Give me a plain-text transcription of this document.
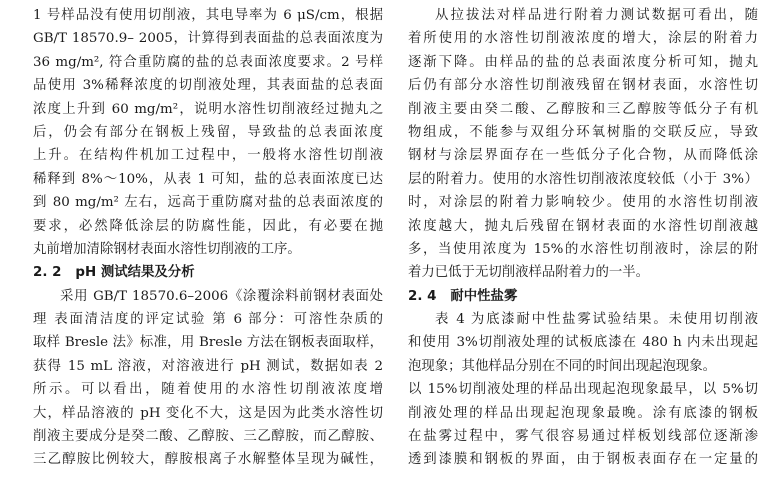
1 号样品没有使用切削液，其电导率为 6 μS/cm，根据
GB/T 18570.9– 2005，计算得到表面盐的总表面浓度为
36 mg/m², 符合重防腐的盐的总表面浓度要求。2 号样
品使用 3%稀释浓度的切削液处理，其表面盐的总表面
浓度上升到 60 mg/m²，说明水溶性切削液经过抛丸之
后，仍会有部分在钢板上残留，导致盐的总表面浓度
上升。在结构件机加工过程中，一般将水溶性切削液
稀释到 8%～10%，从表 1 可知，盐的总表面浓度已达
到 80 mg/m² 左右，远高于重防腐对盐的总表面浓度的
要求，必然降低涂层的防腐性能，因此，有必要在抛
丸前增加清除钢材表面水溶性切削液的工序。
2. 2 pH 测试结果及分析
采用 GB/T 18570.6–2006《涂覆涂料前钢材表面处
理 表面清洁度的评定试验 第 6 部分：可溶性杂质的
取样 Bresle 法》标准，用 Bresle 方法在钢板表面取样，
获得 15 mL 溶液，对溶液进行 pH 测试，数据如表 2
所示。可以看出，随着使用的水溶性切削液浓度增
大，样品溶液的 pH 变化不大，这是因为此类水溶性切
削液主要成分是癸二酸、乙醇胺、三乙醇胺，而乙醇胺、
三乙醇胺比例较大，醇胺根离子水解整体呈现为碱性，
从拉拔法对样品进行附着力测试数据可看出，随
着所使用的水溶性切削液浓度的增大，涂层的附着力
逐渐下降。由样品的盐的总表面浓度分析可知，抛丸
后仍有部分水溶性切削液残留在钢材表面，水溶性切
削液主要由癸二酸、乙醇胺和三乙醇胺等低分子有机
物组成，不能参与双组分环氧树脂的交联反应，导致
钢材与涂层界面存在一些低分子化合物，从而降低涂
层的附着力。使用的水溶性切削液浓度较低（小于 3%）
时，对涂层的附着力影响较少。使用的水溶性切削液
浓度越大，抛丸后残留在钢材表面的水溶性切削液越
多，当使用浓度为 15%的水溶性切削液时，涂层的附
着力已低于无切削液样品附着力的一半。
2. 4 耐中性盐雾
表 4 为底漆耐中性盐雾试验结果。未使用切削液
和使用 3%切削液处理的试板底漆在 480 h 内未出现起
泡现象；其他样品分别在不同的时间出现起泡现象。
以 15%切削液处理的样品出现起泡现象最早，以 5%切
削液处理的样品出现起泡现象最晚。涂有底漆的钢板
在盐雾过程中，雾气很容易通过样板划线部位逐渐渗
透到漆膜和钢板的界面，由于钢板表面存在一定量的
